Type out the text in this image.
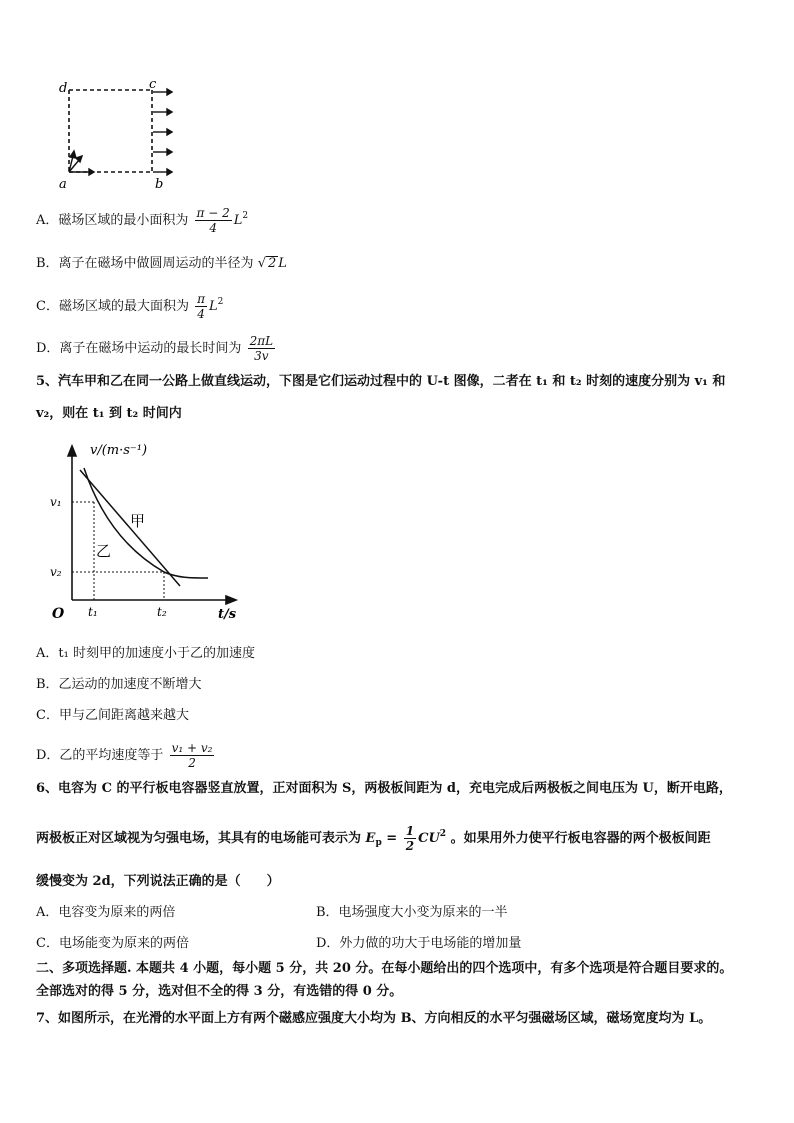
d	c
a	b
A．磁场区域的最小面积为 $\frac{\pi - 2}{4} L^2$
B．离子在磁场中做圆周运动的半径为 √ 2 L
C．磁场区域的最大面积为 $\frac{\pi}{4} L^2$
D．离子在磁场中运动的最长时间为 $\frac{2\pi L}{3v}$
5、汽车甲和乙在同一公路上做直线运动，下图是它们运动过程中的 U-t 图像，二者在 t₁ 和 t₂ 时刻的速度分别为 v₁ 和
v₂，则在 t₁ 到 t₂ 时间内
v/(m·s⁻¹)
t/s
O
v₁
v₂
t₁	t₂
甲
乙
A．t₁ 时刻甲的加速度小于乙的加速度
B．乙运动的加速度不断增大
C．甲与乙间距离越来越大
D．乙的平均速度等于 $\frac{\text{v₁ + v₂}}{2}$
6、电容为 C 的平行板电容器竖直放置，正对面积为 S，两极板间距为 d，充电完成后两极板之间电压为 U，断开电路，
两极板正对区域视为匀强电场，其具有的电场能可表示为 $E_p = \frac{1}{2} CU^2$ 。如果用外力使平行板电容器的两个极板间距
缓慢变为 2d，下列说法正确的是（　　）
A．电容变为原来的两倍	B．电场强度大小变为原来的一半
C．电场能变为原来的两倍	D．外力做的功大于电场能的增加量
二、多项选择题. 本题共 4 小题，每小题 5 分，共 20 分。在每小题给出的四个选项中，有多个选项是符合题目要求的。
全部选对的得 5 分，选对但不全的得 3 分，有选错的得 0 分。
7、如图所示，在光滑的水平面上方有两个磁感应强度大小均为 B、方向相反的水平匀强磁场区域，磁场宽度均为 L。
